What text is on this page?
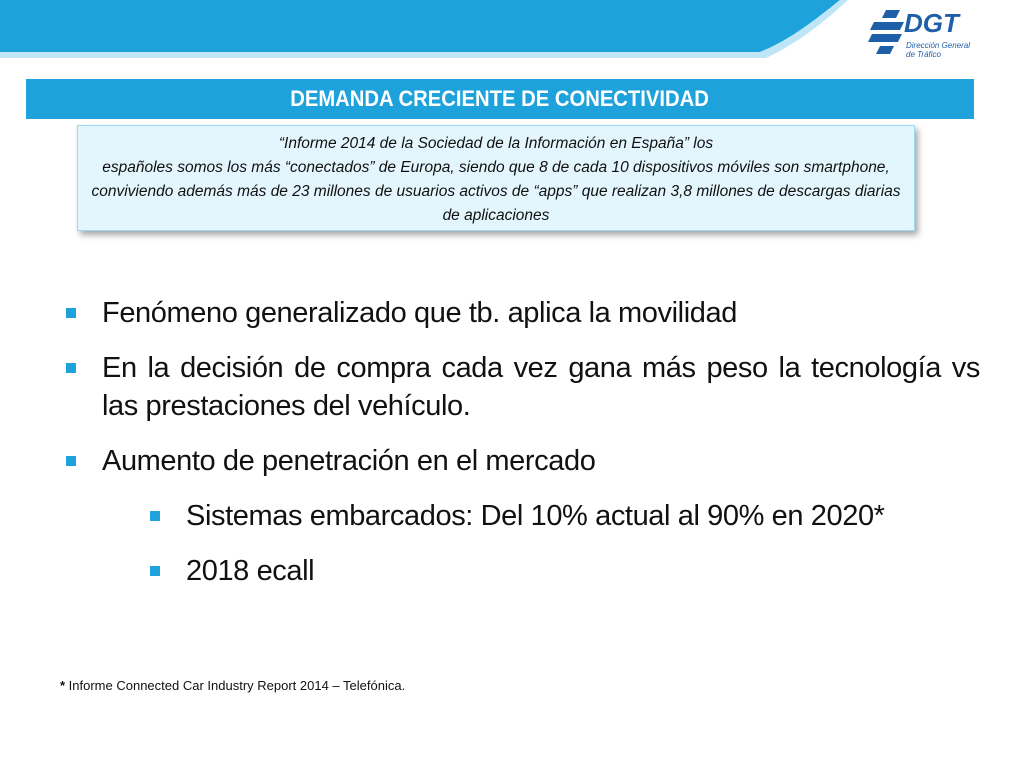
DGT
Dirección General
de Tráfico
DEMANDA CRECIENTE DE CONECTIVIDAD

“Informe 2014 de la Sociedad de la Información en España” los

españoles somos los más “conectados” de Europa, siendo que 8 de cada 10 dispositivos móviles son smartphone, conviviendo además más de 23 millones de usuarios activos de “apps” que realizan 3,8 millones de descargas diarias de aplicaciones

Fenómeno generalizado que tb. aplica la movilidad
En la decisión de compra cada vez gana más peso la tecnología vs las prestaciones del vehículo.
Aumento de penetración en el mercado
Sistemas embarcados: Del 10% actual al 90% en 2020*
2018 ecall
* Informe Connected Car Industry Report 2014 – Telefónica.
